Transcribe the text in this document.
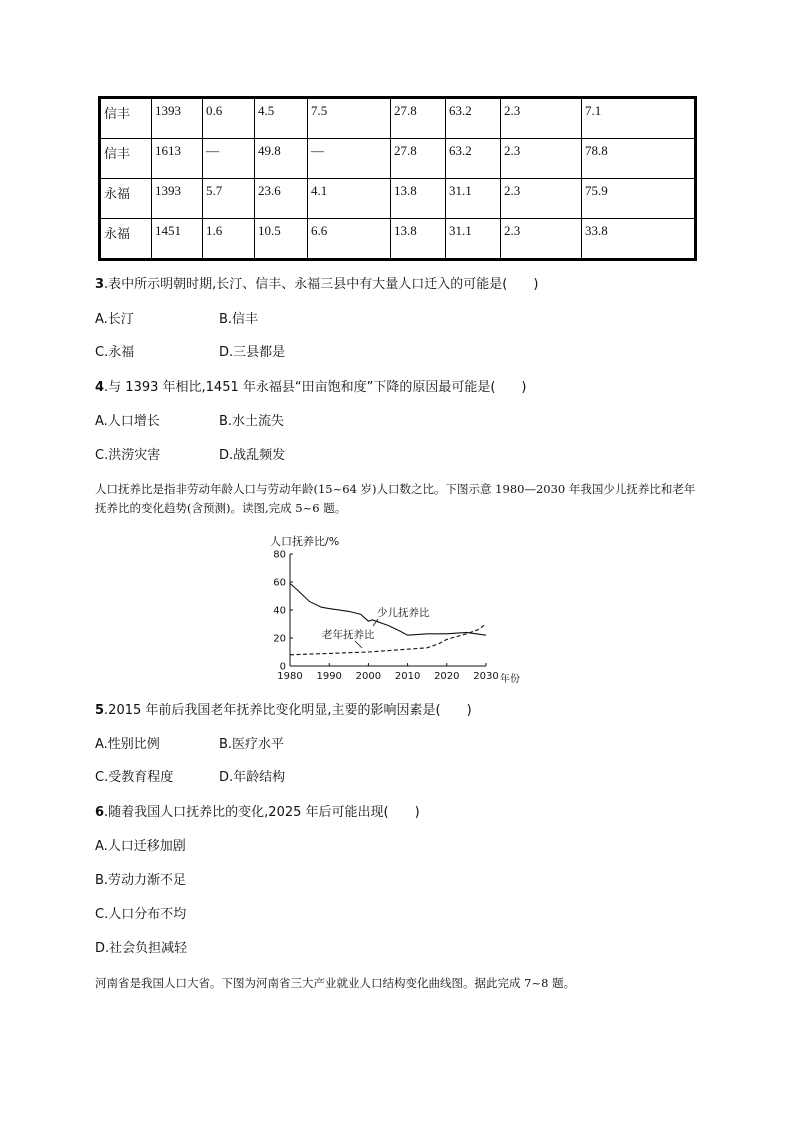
信丰	1393	0.6	4.5	7.5	27.8	63.2	2.3	7.1
信丰	1613	—	49.8	—	27.8	63.2	2.3	78.8
永福	1393	5.7	23.6	4.1	13.8	31.1	2.3	75.9
永福	1451	1.6	10.5	6.6	13.8	31.1	2.3	33.8
3.表中所示明朝时期,长汀、信丰、永福三县中有大量人口迁入的可能是(　　)
A.长汀	B.信丰
C.永福	D.三县都是
4.与 1393 年相比,1451 年永福县“田亩饱和度”下降的原因最可能是(　　)
A.人口增长	B.水土流失
C.洪涝灾害	D.战乱频发
人口抚养比是指非劳动年龄人口与劳动年龄(15~64 岁)人口数之比。下图示意 1980—2030 年我国少儿抚养比和老年抚养比的变化趋势(含预测)。读图,完成 5~6 题。
1980 1990 2000 2010 2020 2030
0
20
40
60
80
人口抚养比/%
年份
少儿抚养比
老年抚养比
5.2015 年前后我国老年抚养比变化明显,主要的影响因素是(　　)
A.性别比例	B.医疗水平
C.受教育程度	D.年龄结构
6.随着我国人口抚养比的变化,2025 年后可能出现(　　)
A.人口迁移加剧
B.劳动力渐不足
C.人口分布不均
D.社会负担减轻
河南省是我国人口大省。下图为河南省三大产业就业人口结构变化曲线图。据此完成 7~8 题。
